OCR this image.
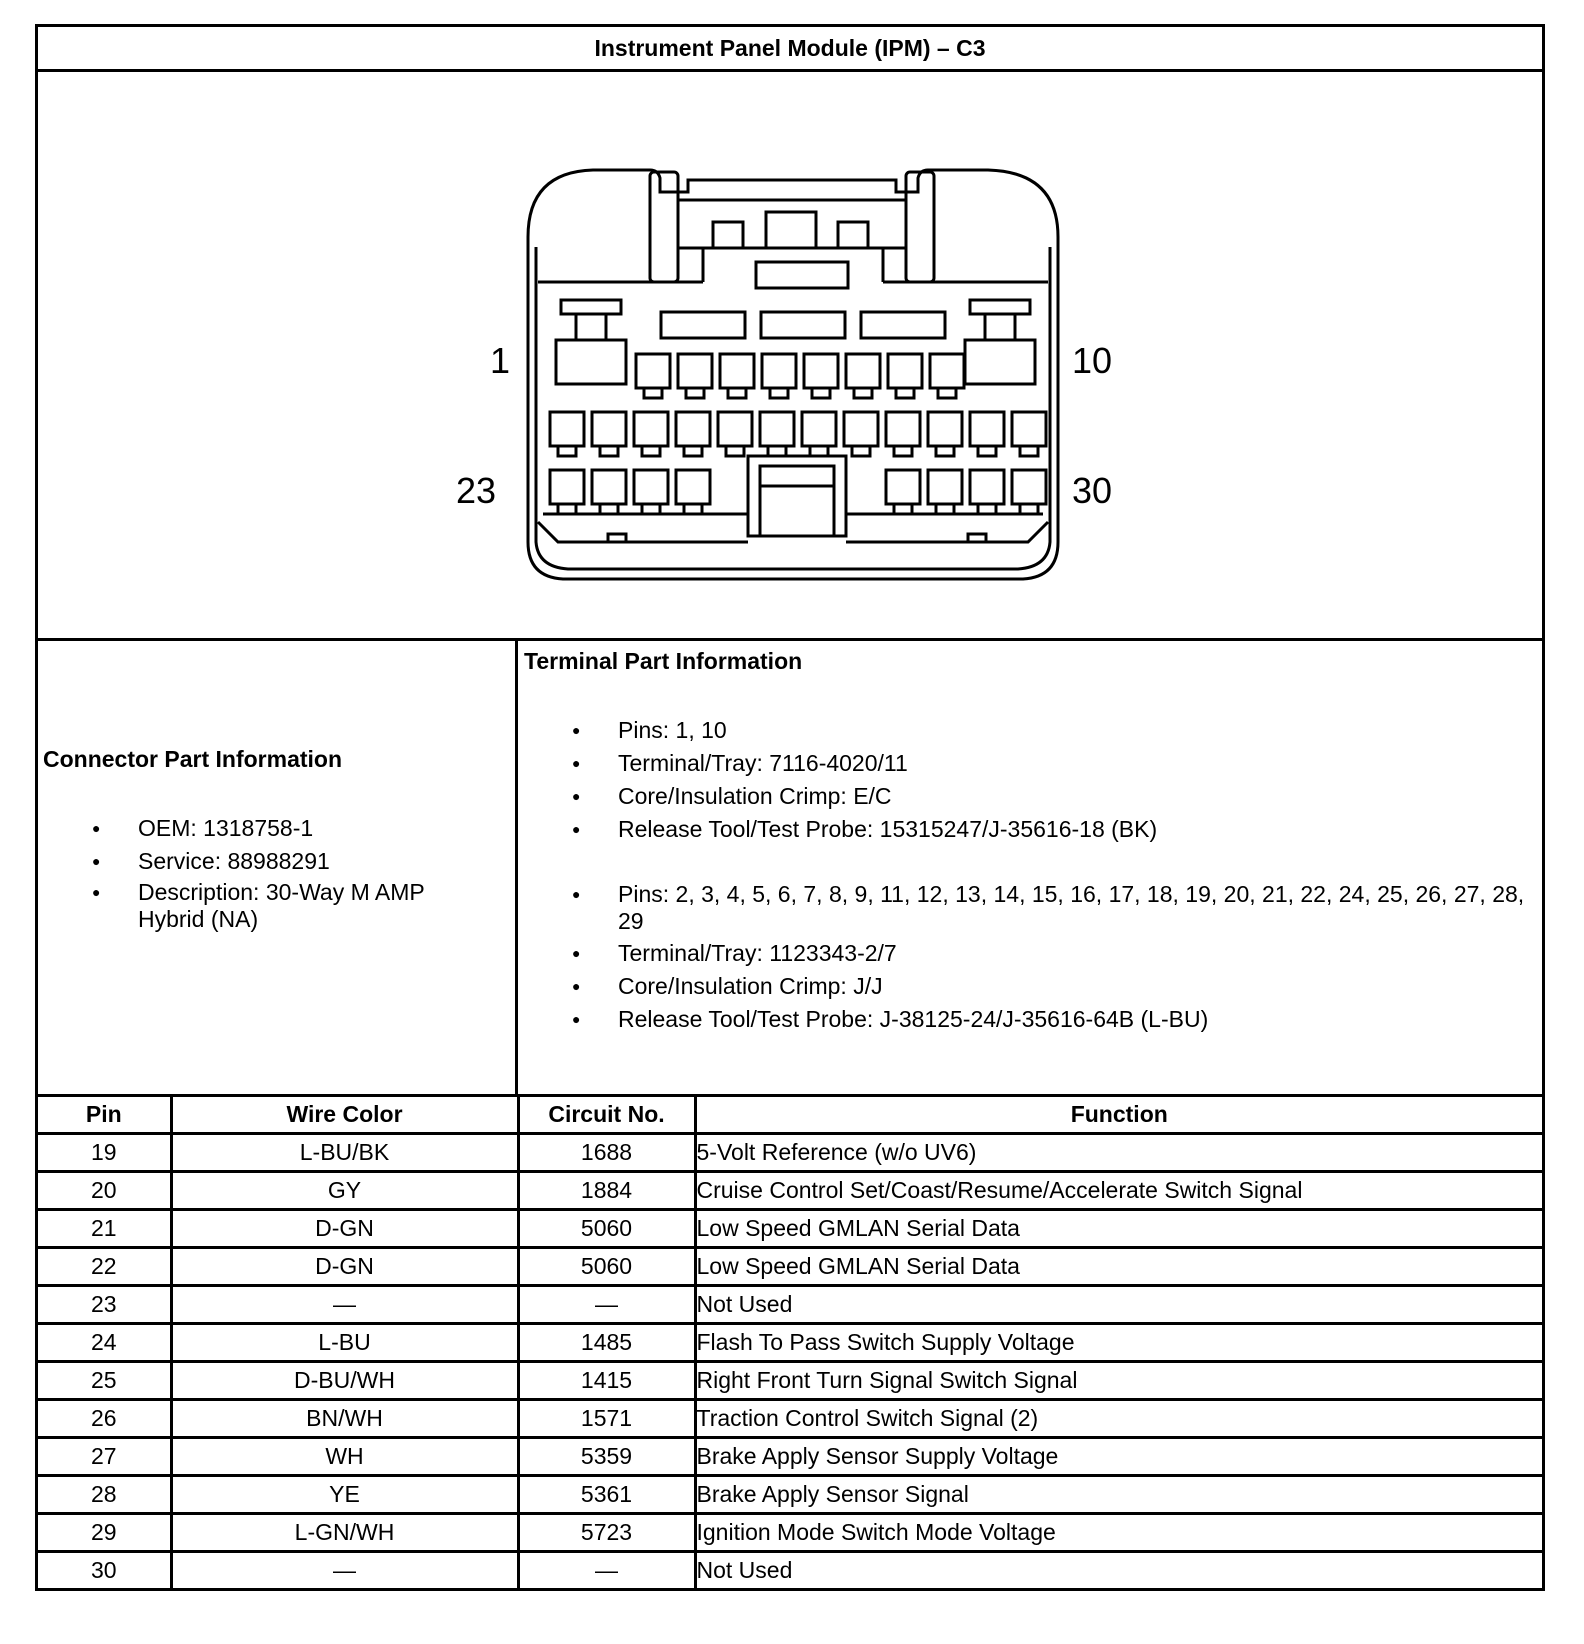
Instrument Panel Module (IPM) – C3
1	10
23	30
Connector Part Information
● OEM: 1318758-1
● Service: 88988291
● Description: 30-Way M AMP Hybrid (NA)
Terminal Part Information
● Pins: 1, 10
● Terminal/Tray: 7116-4020/11
● Core/Insulation Crimp: E/C
● Release Tool/Test Probe: 15315247/J-35616-18 (BK)
● Pins: 2, 3, 4, 5, 6, 7, 8, 9, 11, 12, 13, 14, 15, 16, 17, 18, 19, 20, 21, 22, 24, 25, 26, 27, 28, 29
● Terminal/Tray: 1123343-2/7
● Core/Insulation Crimp: J/J
● Release Tool/Test Probe: J-38125-24/J-35616-64B (L-BU)
Pin	Wire Color	Circuit No.	Function
19	L-BU/BK	1688	5-Volt Reference (w/o UV6)
20	GY	1884	Cruise Control Set/Coast/Resume/Accelerate Switch Signal
21	D-GN	5060	Low Speed GMLAN Serial Data
22	D-GN	5060	Low Speed GMLAN Serial Data
23	—	—	Not Used
24	L-BU	1485	Flash To Pass Switch Supply Voltage
25	D-BU/WH	1415	Right Front Turn Signal Switch Signal
26	BN/WH	1571	Traction Control Switch Signal (2)
27	WH	5359	Brake Apply Sensor Supply Voltage
28	YE	5361	Brake Apply Sensor Signal
29	L-GN/WH	5723	Ignition Mode Switch Mode Voltage
30	—	—	Not Used
